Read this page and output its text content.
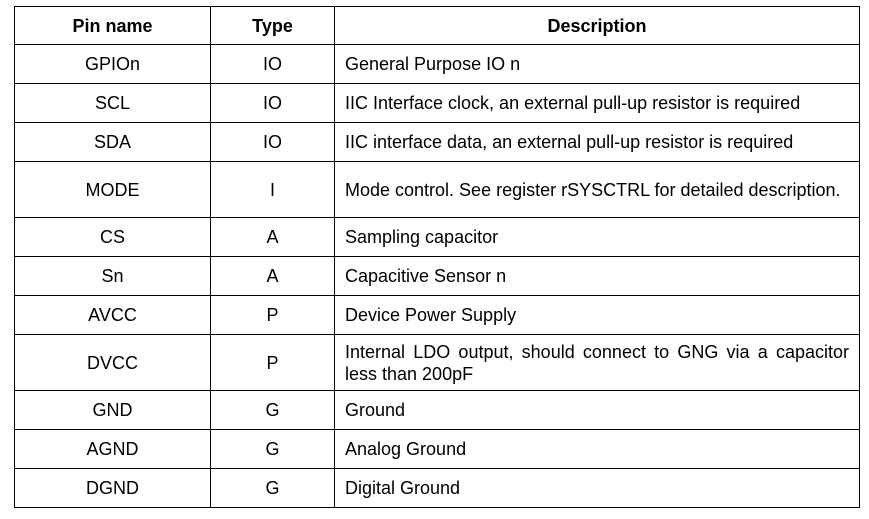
Pin name	Type	Description
GPIOn	IO	General Purpose IO n

SCL	IO	IIC Interface clock, an external pull-up resistor is required

SDA	IO	IIC interface data, an external pull-up resistor is required

MODE	I	Mode control. See register rSYSCTRL for detailed description.

CS	A	Sampling capacitor

Sn	A	Capacitive Sensor n

AVCC	P	Device Power Supply

DVCC	P	Internal LDO output, should connect to GNG via a capacitor less than 200pF

GND	G	Ground

AGND	G	Analog Ground

DGND	G	Digital Ground
